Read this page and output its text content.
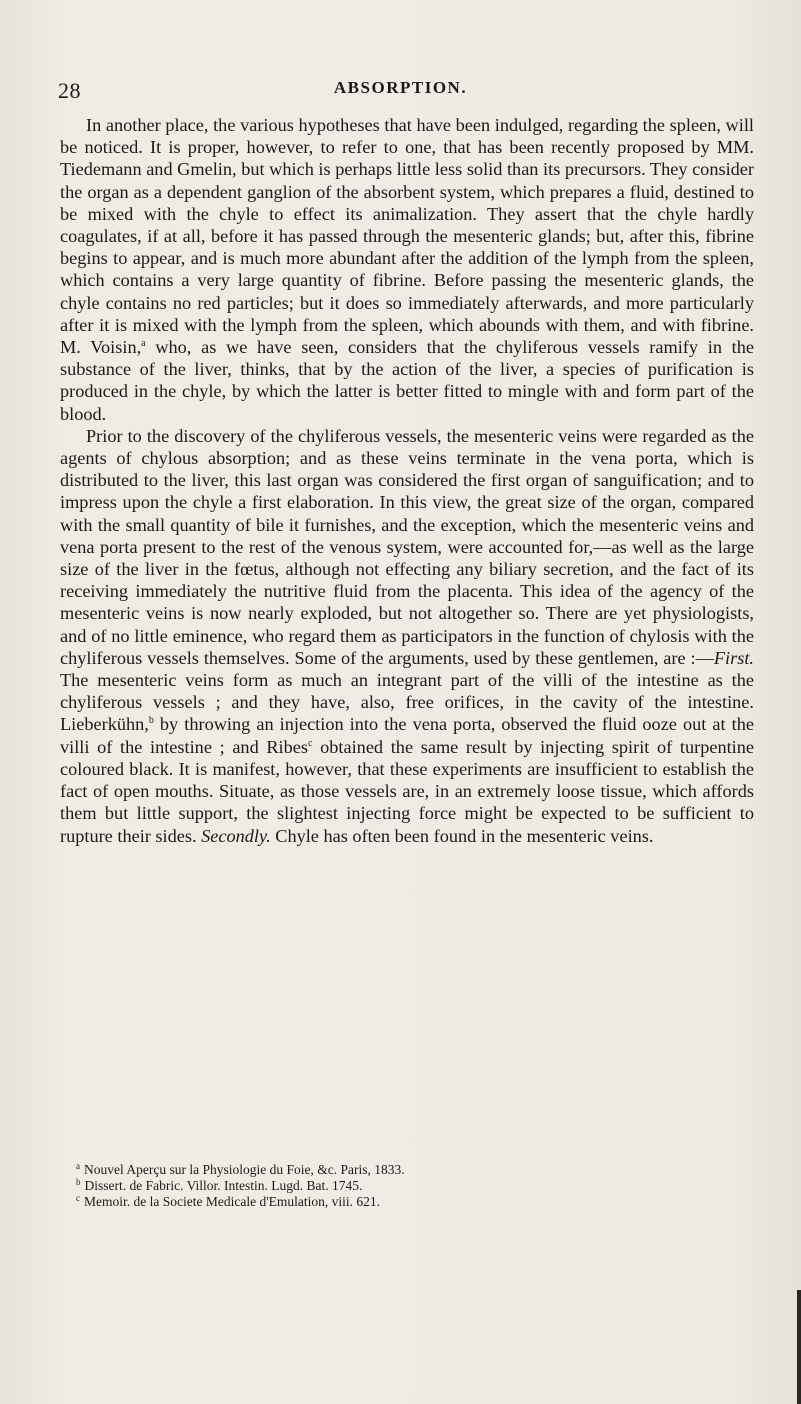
28	ABSORPTION.

In another place, the various hypotheses that have been indulged, regarding the spleen, will be noticed. It is proper, however, to refer to one, that has been recently proposed by MM. Tiedemann and Gmelin, but which is perhaps little less solid than its precursors. They consider the organ as a dependent ganglion of the absorbent system, which prepares a fluid, destined to be mixed with the chyle to effect its animalization. They assert that the chyle hardly coagulates, if at all, before it has passed through the mesenteric glands; but, after this, fibrine begins to appear, and is much more abundant after the addition of the lymph from the spleen, which contains a very large quantity of fibrine. Before passing the mesenteric glands, the chyle contains no red particles; but it does so immediately afterwards, and more particularly after it is mixed with the lymph from the spleen, which abounds with them, and with fibrine. M. Voisin,$^a$ who, as we have seen, considers that the chyliferous vessels ramify in the substance of the liver, thinks, that by the action of the liver, a species of purification is produced in the chyle, by which the latter is better fitted to mingle with and form part of the blood.

Prior to the discovery of the chyliferous vessels, the mesenteric veins were regarded as the agents of chylous absorption; and as these veins terminate in the vena porta, which is distributed to the liver, this last organ was considered the first organ of sanguification; and to impress upon the chyle a first elaboration. In this view, the great size of the organ, compared with the small quantity of bile it furnishes, and the exception, which the mesenteric veins and vena porta present to the rest of the venous system, were accounted for,—as well as the large size of the liver in the fœtus, although not effecting any biliary secretion, and the fact of its receiving immediately the nutritive fluid from the placenta. This idea of the agency of the mesenteric veins is now nearly exploded, but not altogether so. There are yet physiologists, and of no little eminence, who regard them as participators in the function of chylosis with the chyliferous vessels themselves. Some of the arguments, used by these gentlemen, are :—First. The mesenteric veins form as much an integrant part of the villi of the intestine as the chyliferous vessels ; and they have, also, free orifices, in the cavity of the intestine. Lieberkühn,$^b$ by throwing an injection into the vena porta, observed the fluid ooze out at the villi of the intestine ; and Ribes$^c$ obtained the same result by injecting spirit of turpentine coloured black. It is manifest, however, that these experiments are insufficient to establish the fact of open mouths. Situate, as those vessels are, in an extremely loose tissue, which affords them but little support, the slightest injecting force might be expected to be sufficient to rupture their sides. Secondly. Chyle has often been found in the mesenteric veins.

$^a$ Nouvel Aperçu sur la Physiologie du Foie, &c. Paris, 1833.
$^b$ Dissert. de Fabric. Villor. Intestin. Lugd. Bat. 1745.
$^c$ Memoir. de la Societe Medicale d'Emulation, viii. 621.
